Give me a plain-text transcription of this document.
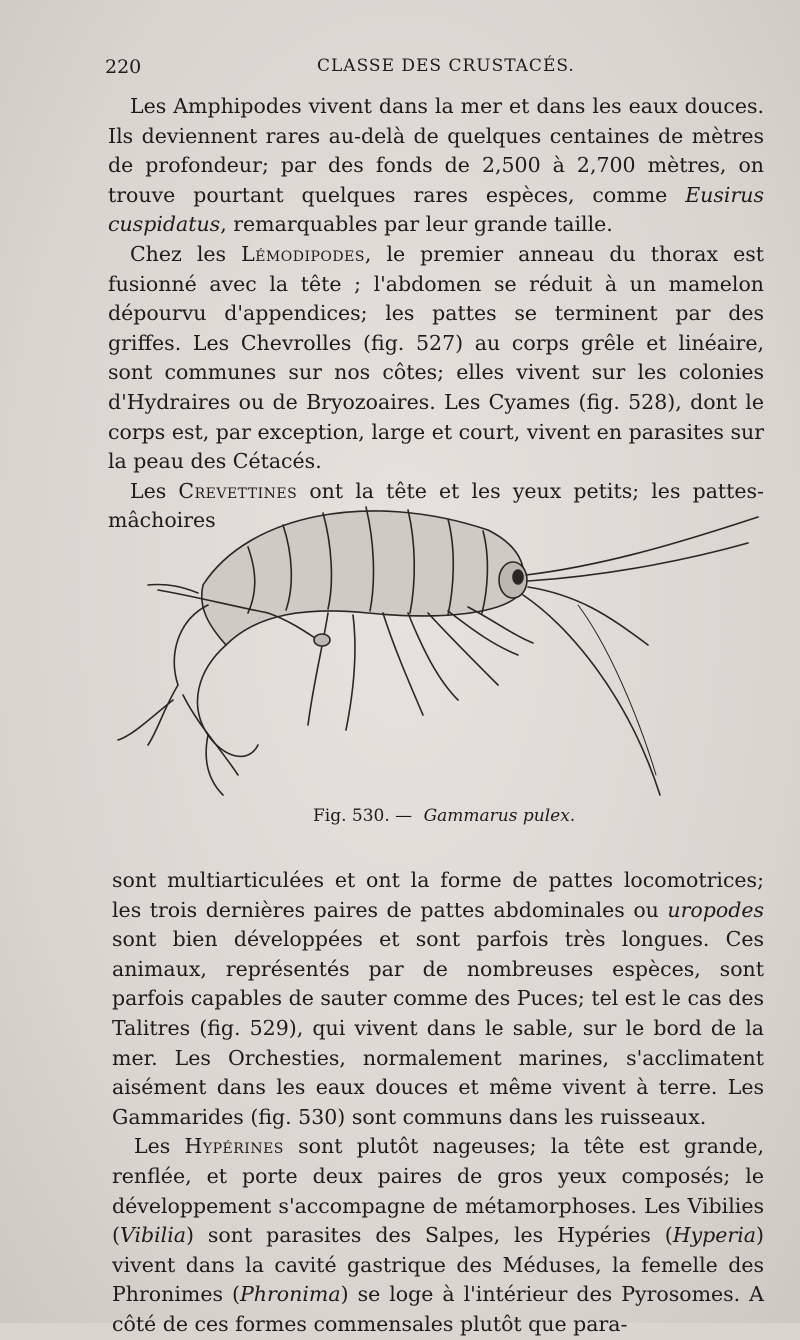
220	CLASSE DES CRUSTACÉS.

Les Amphipodes vivent dans la mer et dans les eaux douces. Ils deviennent rares au-delà de quelques centaines de mètres de profondeur; par des fonds de 2,500 à 2,700 mètres, on trouve pourtant quelques rares espèces, comme Eusirus cuspidatus, remarquables par leur grande taille.

Chez les Lémodipodes, le premier anneau du thorax est fusionné avec la tête ; l'abdomen se réduit à un mamelon dépourvu d'appendices; les pattes se terminent par des griffes. Les Chevrolles (fig. 527) au corps grêle et linéaire, sont communes sur nos côtes; elles vivent sur les colonies d'Hydraires ou de Bryozoaires. Les Cyames (fig. 528), dont le corps est, par exception, large et court, vivent en parasites sur la peau des Cétacés.

Les Crevettines ont la tête et les yeux petits; les pattes-mâchoires

Fig. 530. — Gammarus pulex.

sont multiarticulées et ont la forme de pattes locomotrices; les trois dernières paires de pattes abdominales ou uropodes sont bien développées et sont parfois très longues. Ces animaux, représentés par de nombreuses espèces, sont parfois capables de sauter comme des Puces; tel est le cas des Talitres (fig. 529), qui vivent dans le sable, sur le bord de la mer. Les Orchesties, normalement marines, s'acclimatent aisément dans les eaux douces et même vivent à terre. Les Gammarides (fig. 530) sont communs dans les ruisseaux.

Les Hypérines sont plutôt nageuses; la tête est grande, renflée, et porte deux paires de gros yeux composés; le développement s'accompagne de métamorphoses. Les Vibilies (Vibilia) sont parasites des Salpes, les Hypéries (Hyperia) vivent dans la cavité gastrique des Méduses, la femelle des Phronimes (Phronima) se loge à l'intérieur des Pyrosomes. A côté de ces formes commensales plutôt que para-
